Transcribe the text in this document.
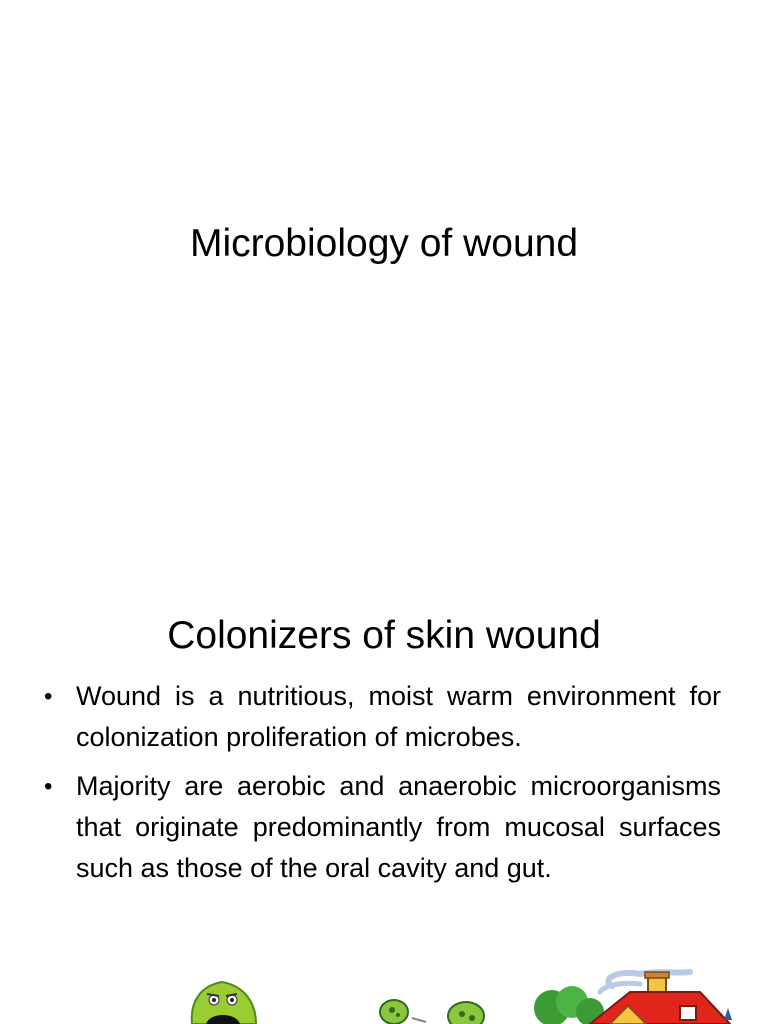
Microbiology of wound
Colonizers of skin wound
• Wound is a nutritious, moist warm environment for colonization proliferation of microbes.
• Majority are aerobic and anaerobic microorganisms that originate predominantly from mucosal surfaces such as those of the oral cavity and gut.
